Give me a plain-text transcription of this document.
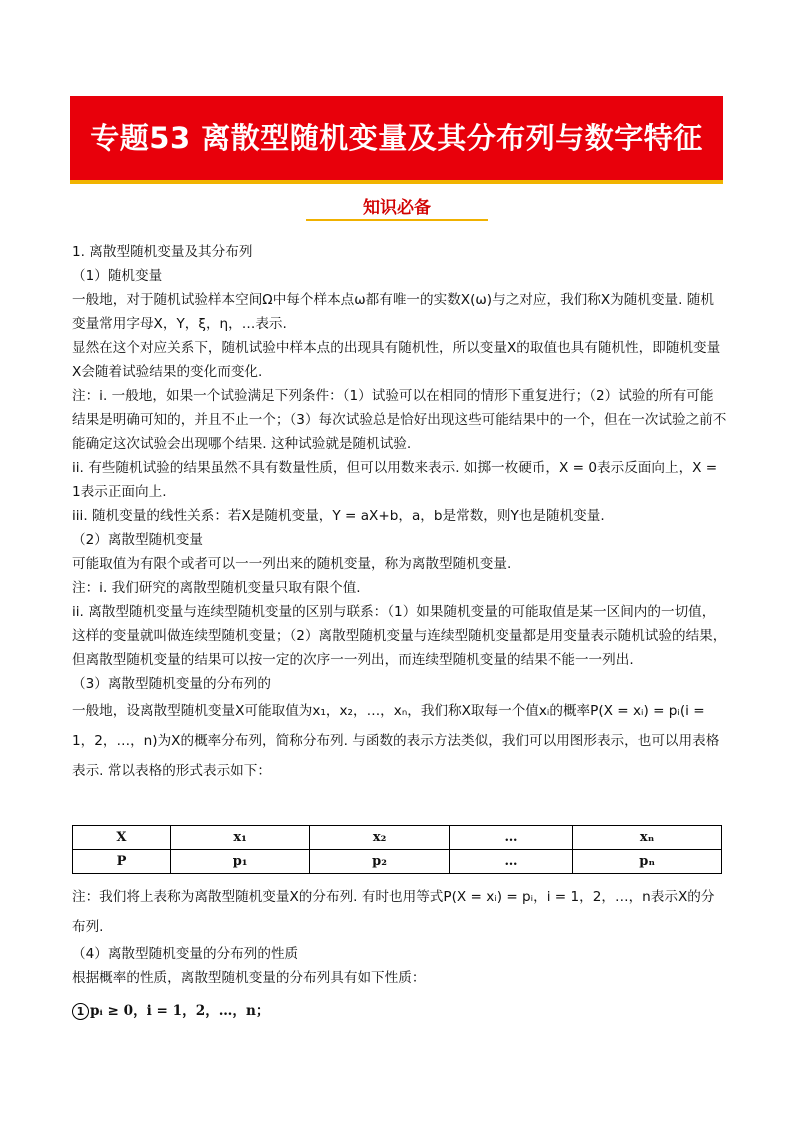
专题53 离散型随机变量及其分布列与数字特征
知识必备

1. 离散型随机变量及其分布列

（1）随机变量

一般地，对于随机试验样本空间Ω中每个样本点ω都有唯一的实数X(ω)与之对应，我们称X为随机变量. 随机变量常用字母X，Y，ξ，η，…表示.

显然在这个对应关系下，随机试验中样本点的出现具有随机性，所以变量X的取值也具有随机性，即随机变量X会随着试验结果的变化而变化.

注：i. 一般地，如果一个试验满足下列条件：（1）试验可以在相同的情形下重复进行；（2）试验的所有可能结果是明确可知的，并且不止一个；（3）每次试验总是恰好出现这些可能结果中的一个，但在一次试验之前不能确定这次试验会出现哪个结果. 这种试验就是随机试验.

ii. 有些随机试验的结果虽然不具有数量性质，但可以用数来表示. 如掷一枚硬币，X = 0表示反面向上，X = 1表示正面向上.

iii. 随机变量的线性关系：若X是随机变量，Y = aX+b，a，b是常数，则Y也是随机变量.

（2）离散型随机变量

可能取值为有限个或者可以一一列出来的随机变量，称为离散型随机变量.

注：i. 我们研究的离散型随机变量只取有限个值.

ii. 离散型随机变量与连续型随机变量的区别与联系：（1）如果随机变量的可能取值是某一区间内的一切值，这样的变量就叫做连续型随机变量；（2）离散型随机变量与连续型随机变量都是用变量表示随机试验的结果，但离散型随机变量的结果可以按一定的次序一一列出，而连续型随机变量的结果不能一一列出.

（3）离散型随机变量的分布列的

一般地，设离散型随机变量X可能取值为x₁，x₂，…，xₙ，我们称X取每一个值xᵢ的概率P(X = xᵢ) = pᵢ(i = 1，2，…，n)为X的概率分布列，简称分布列. 与函数的表示方法类似，我们可以用图形表示，也可以用表格表示. 常以表格的形式表示如下：

X	x₁	x₂	…	xₙ
P	p₁	p₂	…	pₙ

注：我们将上表称为离散型随机变量X的分布列. 有时也用等式P(X = xᵢ) = pᵢ，i = 1，2，…，n表示X的分布列.

（4）离散型随机变量的分布列的性质

根据概率的性质，离散型随机变量的分布列具有如下性质：

1 pᵢ ≥ 0，i = 1，2，…，n；
